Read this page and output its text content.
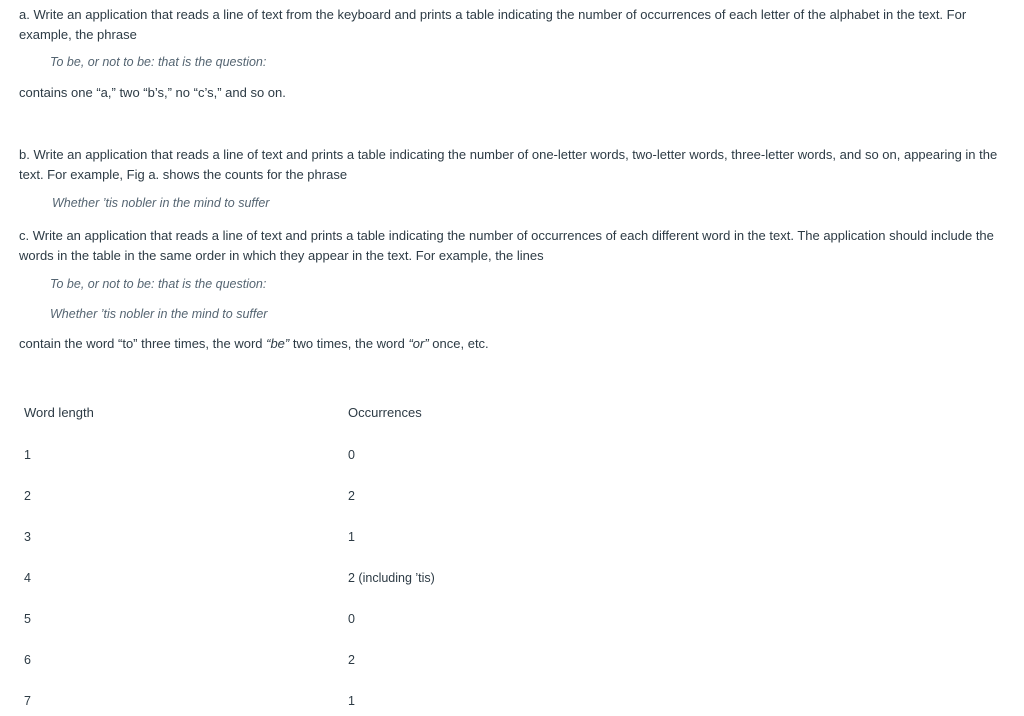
a. Write an application that reads a line of text from the keyboard and prints a table indicating the number of occurrences of each letter of the alphabet in the text. For example, the phrase

To be, or not to be: that is the question:

contains one “a,” two “b’s,” no “c’s,” and so on.

b. Write an application that reads a line of text and prints a table indicating the number of one-letter words, two-letter words, three-letter words, and so on, appearing in the text. For example, Fig a. shows the counts for the phrase

Whether ’tis nobler in the mind to suffer

c. Write an application that reads a line of text and prints a table indicating the number of occurrences of each different word in the text. The application should include the words in the table in the same order in which they appear in the text. For example, the lines

To be, or not to be: that is the question:

Whether ’tis nobler in the mind to suffer

contain the word “to” three times, the word “be” two times, the word “or” once, etc.

Word length	Occurrences

1	0

2	2

3	1

4	2 (including ’tis)

5	0

6	2

7	1
